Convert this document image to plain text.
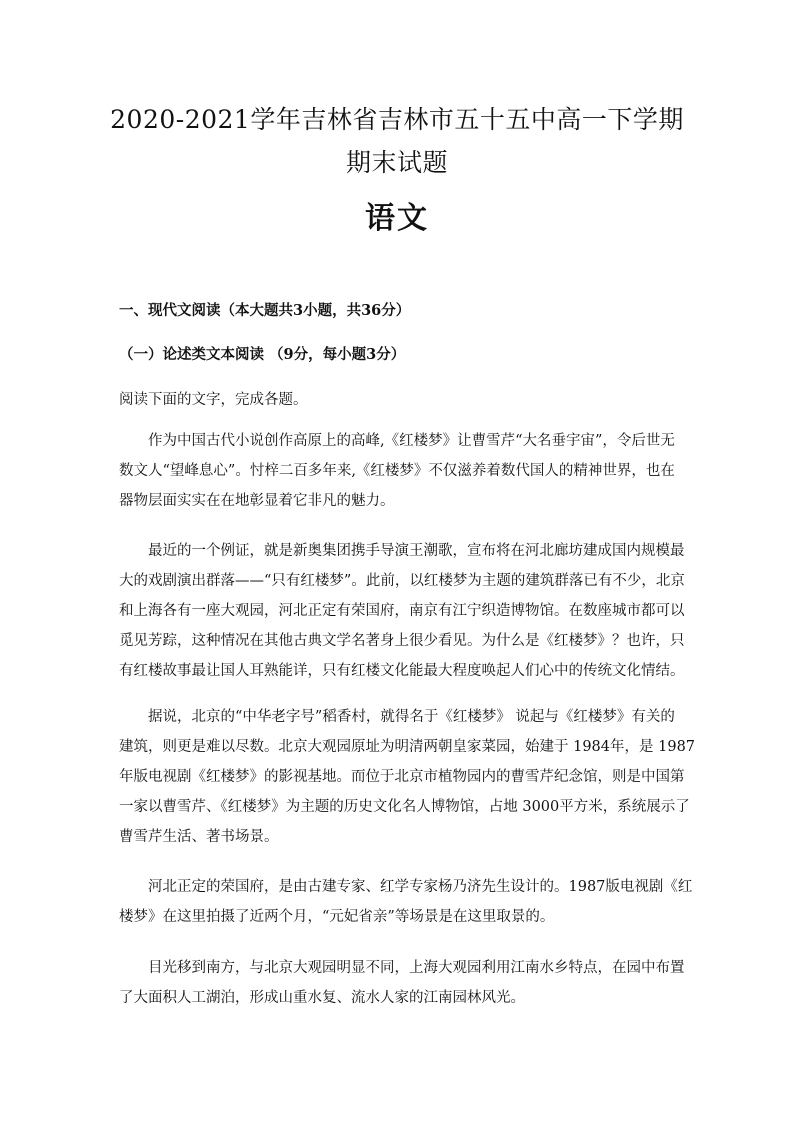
2020-2021学年吉林省吉林市五十五中高一下学期
期末试题
语文
一、现代文阅读（本大题共3小题，共36分）
（一）论述类文本阅读 （9分，每小题3分）
阅读下面的文字，完成各题。
　　作为中国古代小说创作高原上的高峰,《红楼梦》让曹雪芹“大名垂宇宙”，令后世无
数文人“望峰息心”。忖梓二百多年来,《红楼梦》不仅滋养着数代国人的精神世界，也在
器物层面实实在在地彰显着它非凡的魅力。
　　最近的一个例证，就是新奥集团携手导演王潮歌，宣布将在河北廊坊建成国内规模最
大的戏剧演出群落——“只有红楼梦”。此前，以红楼梦为主题的建筑群落已有不少，北京
和上海各有一座大观园，河北正定有荣国府，南京有江宁织造博物馆。在数座城市都可以
觅见芳踪，这种情况在其他古典文学名著身上很少看见。为什么是《红楼梦》？也许，只
有红楼故事最让国人耳熟能详，只有红楼文化能最大程度唤起人们心中的传统文化情结。
　　据说，北京的“中华老字号”稻香村，就得名于《红楼梦》 说起与《红楼梦》有关的
建筑，则更是难以尽数。北京大观园原址为明清两朝皇家菜园，始建于 1984年，是 1987
年版电视剧《红楼梦》的影视基地。而位于北京市植物园内的曹雪芹纪念馆，则是中国第
一家以曹雪芹、《红楼梦》为主题的历史文化名人博物馆，占地 3000平方米，系统展示了
曹雪芹生活、著书场景。
　　河北正定的荣国府，是由古建专家、红学专家杨乃济先生设计的。1987版电视剧《红
楼梦》在这里拍摄了近两个月，“元妃省亲”等场景是在这里取景的。
　　目光移到南方，与北京大观园明显不同，上海大观园利用江南水乡特点，在园中布置
了大面积人工湖泊，形成山重水复、流水人家的江南园林风光。
